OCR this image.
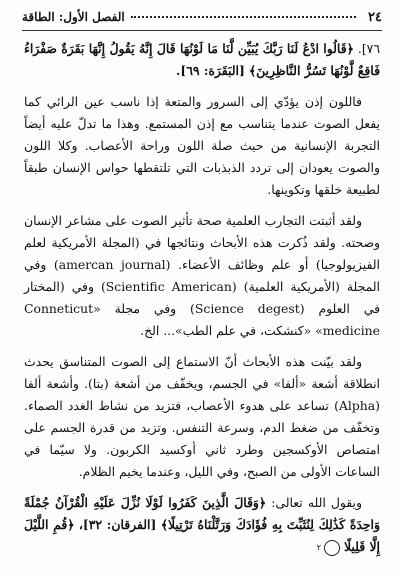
٢٤
الفصل الأول: الطاقة

٧٦]. ﴿قَالُوا ادْعُ لَنَا رَبَّكَ يُبَيِّن لَّنَا مَا لَوْنُهَا قَالَ إِنَّهُ يَقُولُ إِنَّهَا بَقَرَةٌ صَفْرَاءُ فَاقِعٌ لَّوْنُهَا تَسُرُّ النَّاظِرِينَ﴾ [البَقَرَة: ٦٩].

فاللون إذن يؤدّي إلى السرور والمتعة إذا ناسب عين الرائي كما يفعل الصوت عندما يتناسب مع إذن المستمع. وهذا ما تدلّ عليه أيضاً التجربة الإنسانية من حيث صلة اللون وراحة الأعصاب. وكلا اللون والصوت يعودان إلى تردد الذبذبات التي تلتقطها حواس الإنسان طبقاً لطبيعة خلقها وتكوينها.

ولقد أثبتت التجارب العلمية صحة تأثير الصوت على مشاعر الإنسان وصحته. ولقد ذُكرت هذه الأبحاث ونتائجها في (المجلة الأمريكية لعلم الفيزيولوجيا) أو علم وظائف الأعضاء. (amercan journal) وفي المجلة (الأمريكية العلمية) (Scientific American) وفي (المختار في العلوم (Science degest) وفي مجلة «Conneticut medicine» «كنشكت، في علم الطب»... الخ.

ولقد بيّنت هذه الأبحاث أنّ الاستماع إلى الصوت المتناسق يحدث انطلاقة أشعة «ألفا» في الجسم، ويخفّف من أشعة (بتا). وأشعة ألفا (Alpha) تساعد على هدوء الأعصاب، فتزيد من نشاط الغدد الصماء. وتخفّف من ضغط الدم، وسرعة التنفس. وتزيد من قدرة الجسم على امتصاص الأوكسجين وطرد ثاني أوكسيد الكربون. ولا سيّما في الساعات الأولى من الصبح، وفي الليل، وعندما يخيم الظلام.

ويقول الله تعالى: ﴿وَقَالَ الَّذِينَ كَفَرُوا لَوْلَا نُزِّلَ عَلَيْهِ الْقُرْآنُ جُمْلَةً وَاحِدَةً كَذَٰلِكَ لِنُثَبِّتَ بِهِ فُؤَادَكَ وَرَتَّلْنَاهُ تَرْتِيلًا﴾ [الفرقان: ٣٢]، ﴿قُمِ اللَّيْلَ إِلَّا قَلِيلًا ٢
